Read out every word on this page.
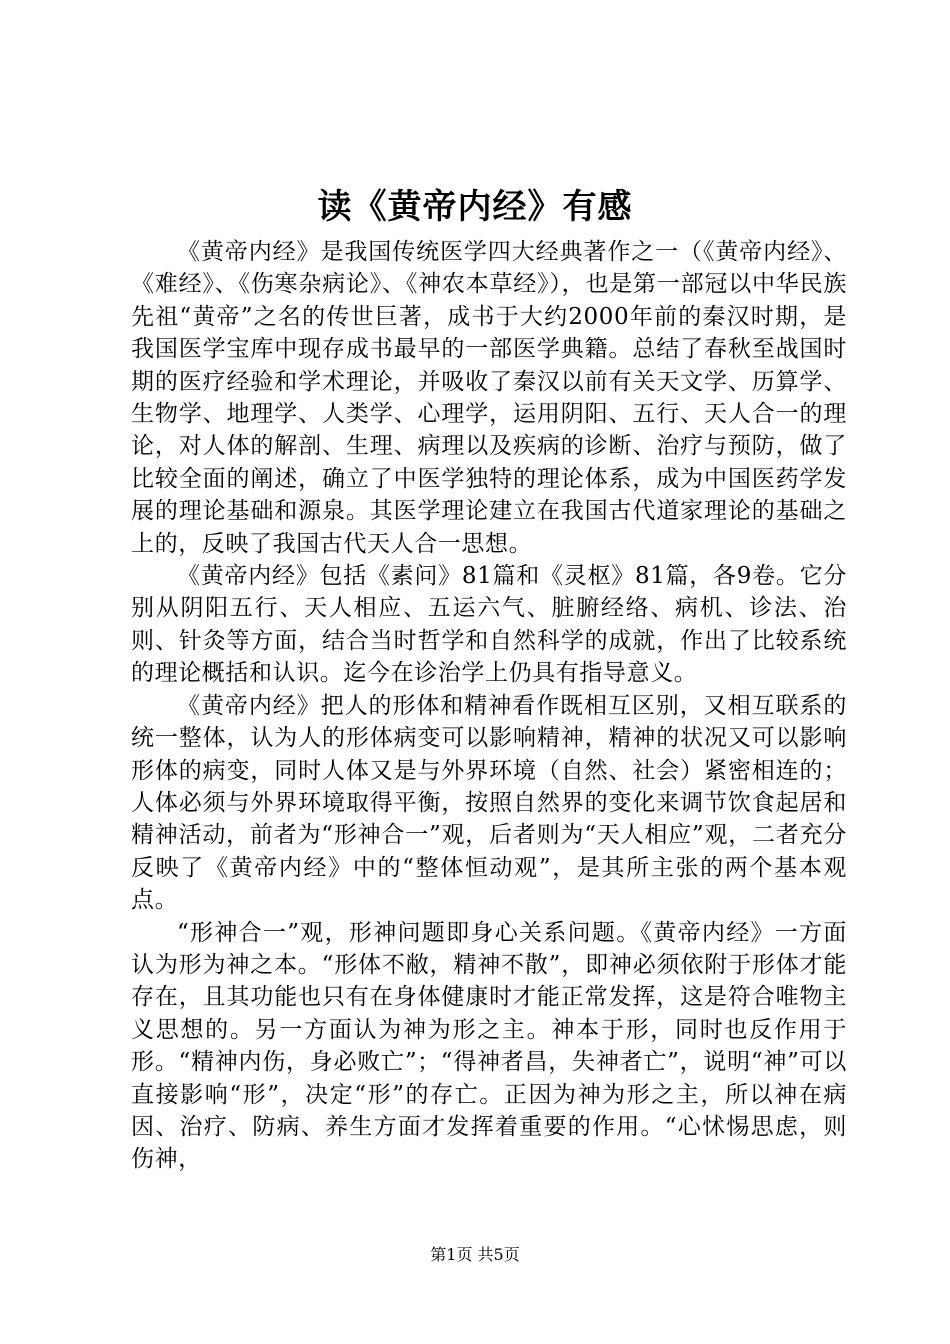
读《黄帝内经》有感

《黄帝内经》是我国传统医学四大经典著作之一（《黄帝内经》、《难经》、《伤寒杂病论》、《神农本草经》），也是第一部冠以中华民族先祖“黄帝”之名的传世巨著，成书于大约2000年前的秦汉时期，是我国医学宝库中现存成书最早的一部医学典籍。总结了春秋至战国时期的医疗经验和学术理论，并吸收了秦汉以前有关天文学、历算学、生物学、地理学、人类学、心理学，运用阴阳、五行、天人合一的理论，对人体的解剖、生理、病理以及疾病的诊断、治疗与预防，做了比较全面的阐述，确立了中医学独特的理论体系，成为中国医药学发展的理论基础和源泉。其医学理论建立在我国古代道家理论的基础之上的，反映了我国古代天人合一思想。

《黄帝内经》包括《素问》81篇和《灵枢》81篇，各9卷。它分别从阴阳五行、天人相应、五运六气、脏腑经络、病机、诊法、治则、针灸等方面，结合当时哲学和自然科学的成就，作出了比较系统的理论概括和认识。迄今在诊治学上仍具有指导意义。

《黄帝内经》把人的形体和精神看作既相互区别，又相互联系的统一整体，认为人的形体病变可以影响精神，精神的状况又可以影响形体的病变，同时人体又是与外界环境（自然、社会）紧密相连的；人体必须与外界环境取得平衡，按照自然界的变化来调节饮食起居和精神活动，前者为“形神合一”观，后者则为“天人相应”观，二者充分反映了《黄帝内经》中的“整体恒动观”，是其所主张的两个基本观点。

“形神合一”观，形神问题即身心关系问题。《黄帝内经》一方面认为形为神之本。“形体不敝，精神不散”，即神必须依附于形体才能存在，且其功能也只有在身体健康时才能正常发挥，这是符合唯物主义思想的。另一方面认为神为形之主。神本于形，同时也反作用于形。“精神内伤，身必败亡”；“得神者昌，失神者亡”，说明“神”可以直接影响“形”，决定“形”的存亡。正因为神为形之主，所以神在病因、治疗、防病、养生方面才发挥着重要的作用。“心怵惕思虑，则伤神，

第1页 共5页
